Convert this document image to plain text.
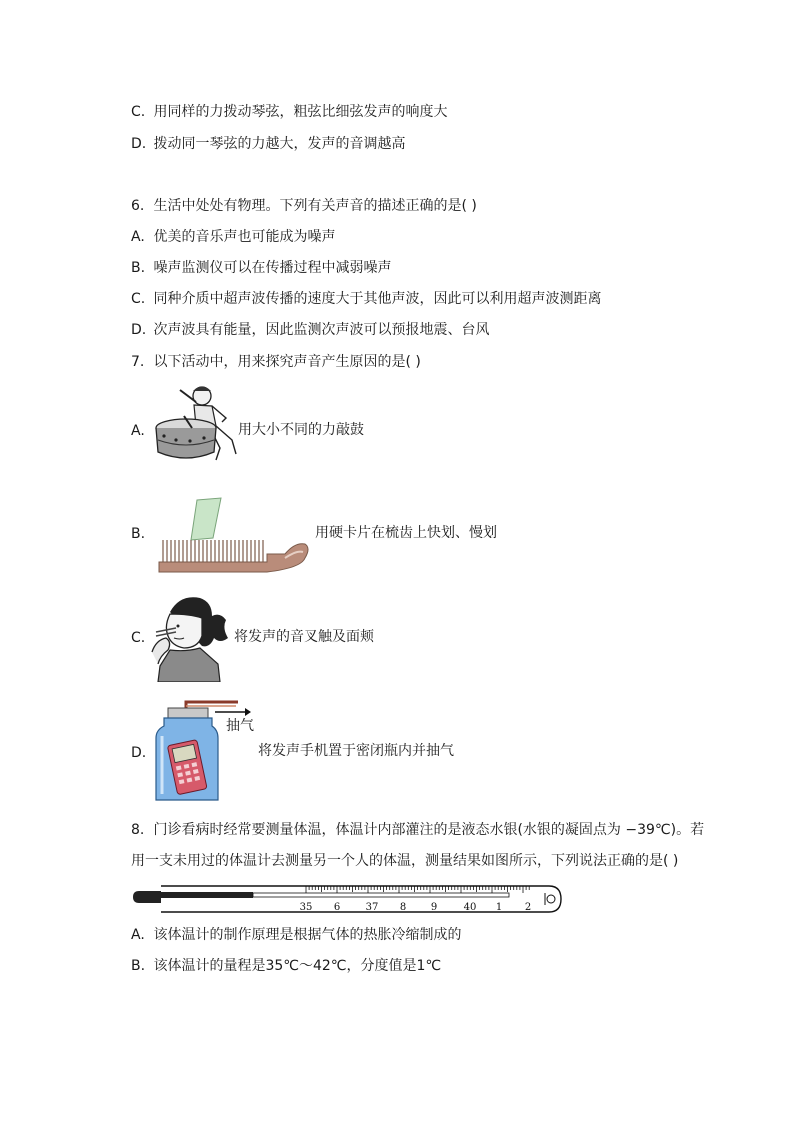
C. 用同样的力拨动琴弦，粗弦比细弦发声的响度大
D. 拨动同一琴弦的力越大，发声的音调越高
6. 生活中处处有物理。下列有关声音的描述正确的是( )
A. 优美的音乐声也可能成为噪声
B. 噪声监测仪可以在传播过程中减弱噪声
C. 同种介质中超声波传播的速度大于其他声波，因此可以利用超声波测距离
D. 次声波具有能量，因此监测次声波可以预报地震、台风
7. 以下活动中，用来探究声音产生原因的是( )
A.	用大小不同的力敲鼓
B.	用硬卡片在梳齿上快划、慢划
C.	将发声的音叉触及面颊
D.
抽气
将发声手机置于密闭瓶内并抽气
8. 门诊看病时经常要测量体温，体温计内部灌注的是液态水银(水银的凝固点为 −39℃)。若
用一支未用过的体温计去测量另一个人的体温，测量结果如图所示，下列说法正确的是( )
35 6	37 8 9	40 1 2
A. 该体温计的制作原理是根据气体的热胀冷缩制成的
B. 该体温计的量程是35℃～42℃，分度值是1℃
